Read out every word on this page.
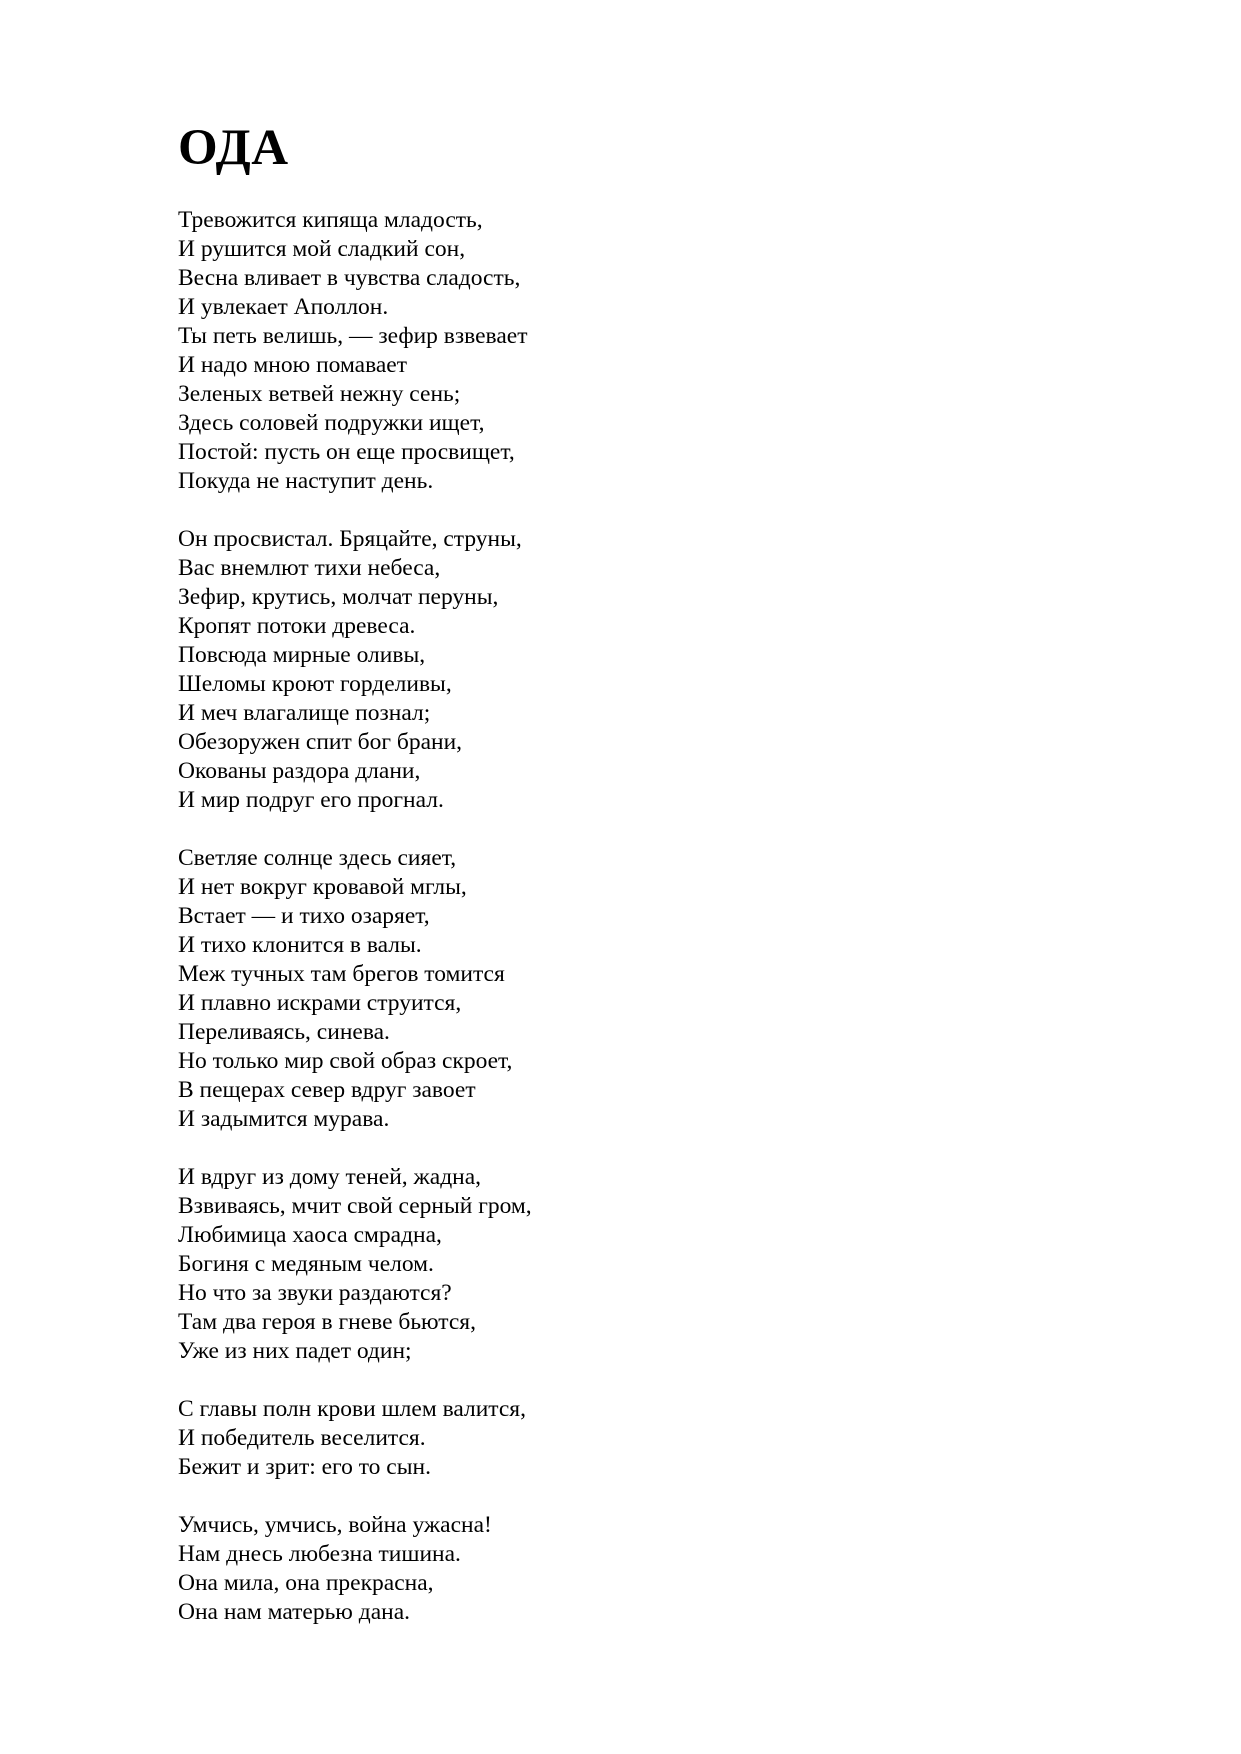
ОДА
Тревожится кипяща младость,
И рушится мой сладкий сон,
Весна вливает в чувства сладость,
И увлекает Аполлон.
Ты петь велишь, — зефир взвевает
И надо мною помавает
Зеленых ветвей нежну сень;
Здесь соловей подружки ищет,
Постой: пусть он еще просвищет,
Покуда не наступит день.
Он просвистал. Бряцайте, струны,
Вас внемлют тихи небеса,
Зефир, крутись, молчат перуны,
Кропят потоки древеса.
Повсюда мирные оливы,
Шеломы кроют горделивы,
И меч влагалище познал;
Обезоружен спит бог брани,
Окованы раздора длани,
И мир подруг его прогнал.
Светляе солнце здесь сияет,
И нет вокруг кровавой мглы,
Встает — и тихо озаряет,
И тихо клонится в валы.
Меж тучных там брегов томится
И плавно искрами струится,
Переливаясь, синева.
Но только мир свой образ скроет,
В пещерах север вдруг завоет
И задымится мурава.
И вдруг из дому теней, жадна,
Взвиваясь, мчит свой серный гром,
Любимица хаоса смрадна,
Богиня с медяным челом.
Но что за звуки раздаются?
Там два героя в гневе бьются,
Уже из них падет один;
С главы полн крови шлем валится,
И победитель веселится.
Бежит и зрит: его то сын.
Умчись, умчись, война ужасна!
Нам днесь любезна тишина.
Она мила, она прекрасна,
Она нам матерью дана.
